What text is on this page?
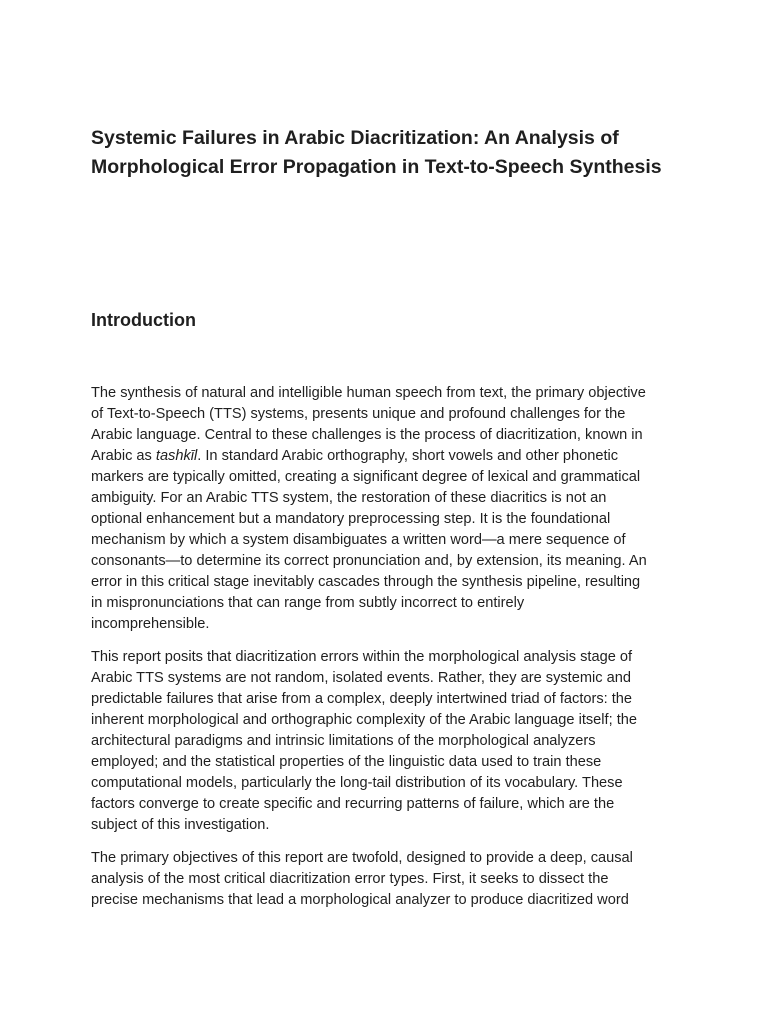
Systemic Failures in Arabic Diacritization: An Analysis of Morphological Error Propagation in Text-to-Speech Synthesis
Introduction

The synthesis of natural and intelligible human speech from text, the primary objective
of Text-to-Speech (TTS) systems, presents unique and profound challenges for the
Arabic language. Central to these challenges is the process of diacritization, known in
Arabic as tashkīl. In standard Arabic orthography, short vowels and other phonetic
markers are typically omitted, creating a significant degree of lexical and grammatical
ambiguity. For an Arabic TTS system, the restoration of these diacritics is not an
optional enhancement but a mandatory preprocessing step. It is the foundational
mechanism by which a system disambiguates a written word—a mere sequence of
consonants—to determine its correct pronunciation and, by extension, its meaning. An
error in this critical stage inevitably cascades through the synthesis pipeline, resulting
in mispronunciations that can range from subtly incorrect to entirely
incomprehensible.

This report posits that diacritization errors within the morphological analysis stage of
Arabic TTS systems are not random, isolated events. Rather, they are systemic and
predictable failures that arise from a complex, deeply intertwined triad of factors: the
inherent morphological and orthographic complexity of the Arabic language itself; the
architectural paradigms and intrinsic limitations of the morphological analyzers
employed; and the statistical properties of the linguistic data used to train these
computational models, particularly the long-tail distribution of its vocabulary. These
factors converge to create specific and recurring patterns of failure, which are the
subject of this investigation.

The primary objectives of this report are twofold, designed to provide a deep, causal
analysis of the most critical diacritization error types. First, it seeks to dissect the
precise mechanisms that lead a morphological analyzer to produce diacritized word
